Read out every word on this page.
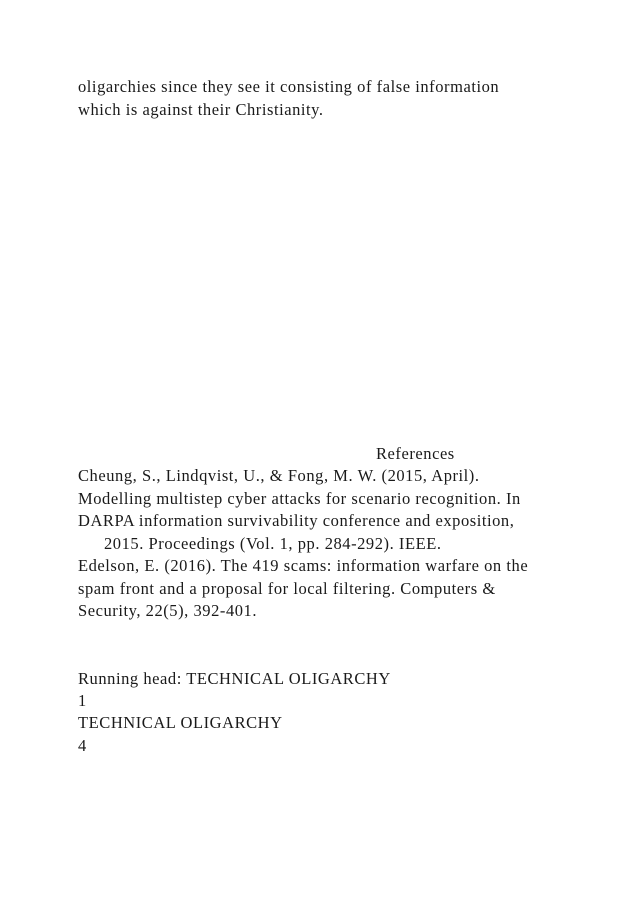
oligarchies since they see it consisting of false information
which is against their Christianity.
References
Cheung, S., Lindqvist, U., & Fong, M. W. (2015, April).
Modelling multistep cyber attacks for scenario recognition. In
DARPA information survivability conference and exposition,
2015. Proceedings (Vol. 1, pp. 284-292). IEEE.
Edelson, E. (2016). The 419 scams: information warfare on the
spam front and a proposal for local filtering. Computers &
Security, 22(5), 392-401.
Running head: TECHNICAL OLIGARCHY
1
TECHNICAL OLIGARCHY
4
